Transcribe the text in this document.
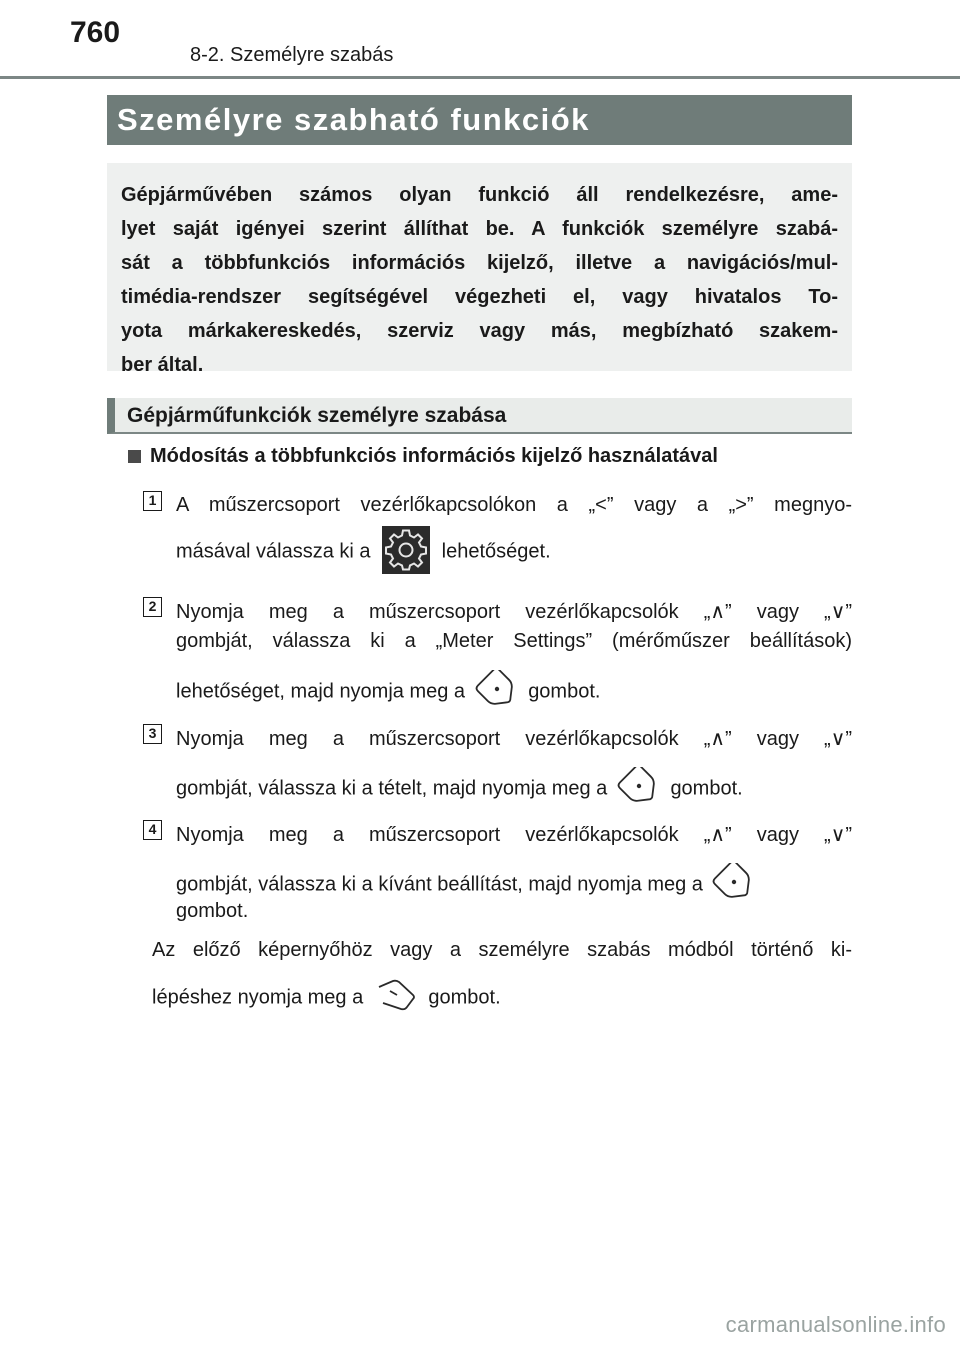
760
8-2. Személyre szabás
Személyre szabható funkciók

Gépjárművében számos olyan funkció áll rendelkezésre, ame-
lyet saját igényei szerint állíthat be. A funkciók személyre szabá-
sát a többfunkciós információs kijelző, illetve a navigációs/mul-
timédia-rendszer segítségével végezheti el, vagy hivatalos To-
yota márkakereskedés, szerviz vagy más, megbízható szakem-
ber által.

Gépjárműfunkciók személyre szabása
Módosítás a többfunkciós információs kijelző használatával
1 A műszercsoport vezérlőkapcsolókon a „<” vagy a „>” megnyo-
másával válassza ki a	lehetőséget.
2 Nyomja meg a műszercsoport vezérlőkapcsolók „∧” vagy „∨”
gombját, válassza ki a „Meter Settings” (mérőműszer beállítások)
lehetőséget, majd nyomja meg a	gombot.
3 Nyomja meg a műszercsoport vezérlőkapcsolók „∧” vagy „∨”
gombját, válassza ki a tételt, majd nyomja meg a	gombot.
4 Nyomja meg a műszercsoport vezérlőkapcsolók „∧” vagy „∨”
gombját, válassza ki a kívánt beállítást, majd nyomja meg a
gombot.
Az előző képernyőhöz vagy a személyre szabás módból történő ki-
lépéshez nyomja meg a	gombot.
carmanualsonline.info
